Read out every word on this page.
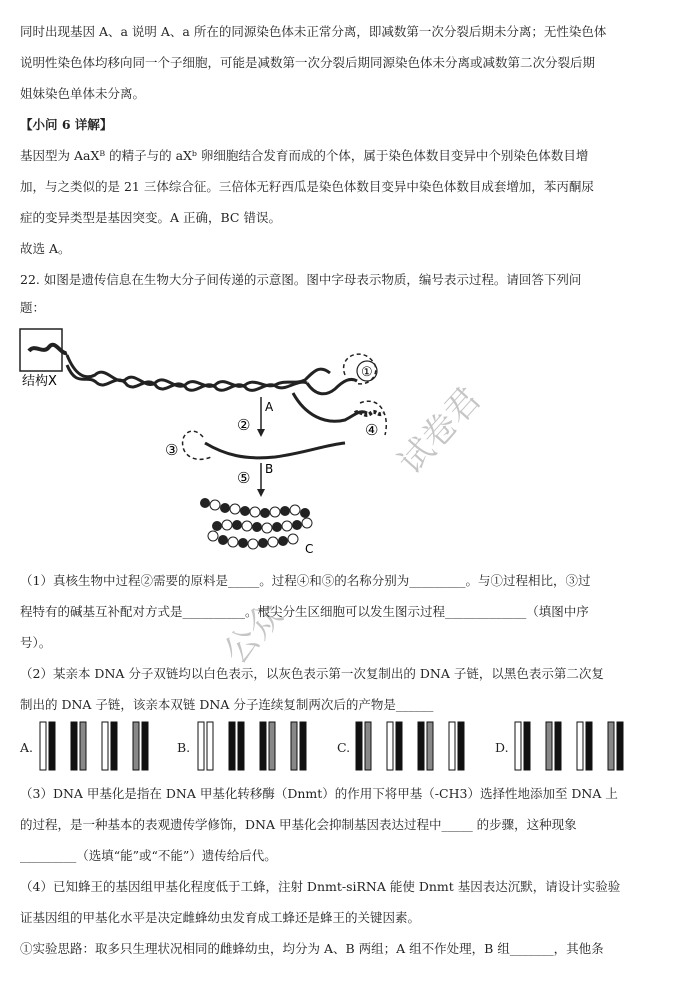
同时出现基因 A、a 说明 A、a 所在的同源染色体未正常分离，即减数第一次分裂后期未分离；无性染色体
说明性染色体均移向同一个子细胞，可能是减数第一次分裂后期同源染色体未分离或减数第二次分裂后期
姐妹染色单体未分离。
【小问 6 详解】
基因型为 AaXᴮ 的精子与的 aXᵇ 卵细胞结合发育而成的个体，属于染色体数目变异中个别染色体数目增
加，与之类似的是 21 三体综合征。三倍体无籽西瓜是染色体数目变异中染色体数目成套增加，苯丙酮尿
症的变异类型是基因突变。A 正确，BC 错误。
故选 A。
22. 如图是遗传信息在生物大分子间传递的示意图。图中字母表示物质，编号表示过程。请回答下列问
题：
结构X
①
④
A
②
③
B
⑤
C
公众
试卷君
（1）真核生物中过程②需要的原料是_____。过程④和⑤的名称分别为_________。与①过程相比，③过
程特有的碱基互补配对方式是__________。根尖分生区细胞可以发生图示过程_____________（填图中序
号）。
（2）某亲本 DNA 分子双链均以白色表示，以灰色表示第一次复制出的 DNA 子链，以黑色表示第二次复
制出的 DNA 子链，该亲本双链 DNA 分子连续复制两次后的产物是______
A.	B.	C.	D.
（3）DNA 甲基化是指在 DNA 甲基化转移酶（Dnmt）的作用下将甲基（-CH3）选择性地添加至 DNA 上
的过程，是一种基本的表观遗传学修饰，DNA 甲基化会抑制基因表达过程中_____ 的步骤，这种现象
_________（选填“能”或“不能”）遗传给后代。
（4）已知蜂王的基因组甲基化程度低于工蜂，注射 Dnmt-siRNA 能使 Dnmt 基因表达沉默，请设计实验验
证基因组的甲基化水平是决定雌蜂幼虫发育成工蜂还是蜂王的关键因素。
①实验思路：取多只生理状况相同的雌蜂幼虫，均分为 A、B 两组；A 组不作处理，B 组_______，其他条
